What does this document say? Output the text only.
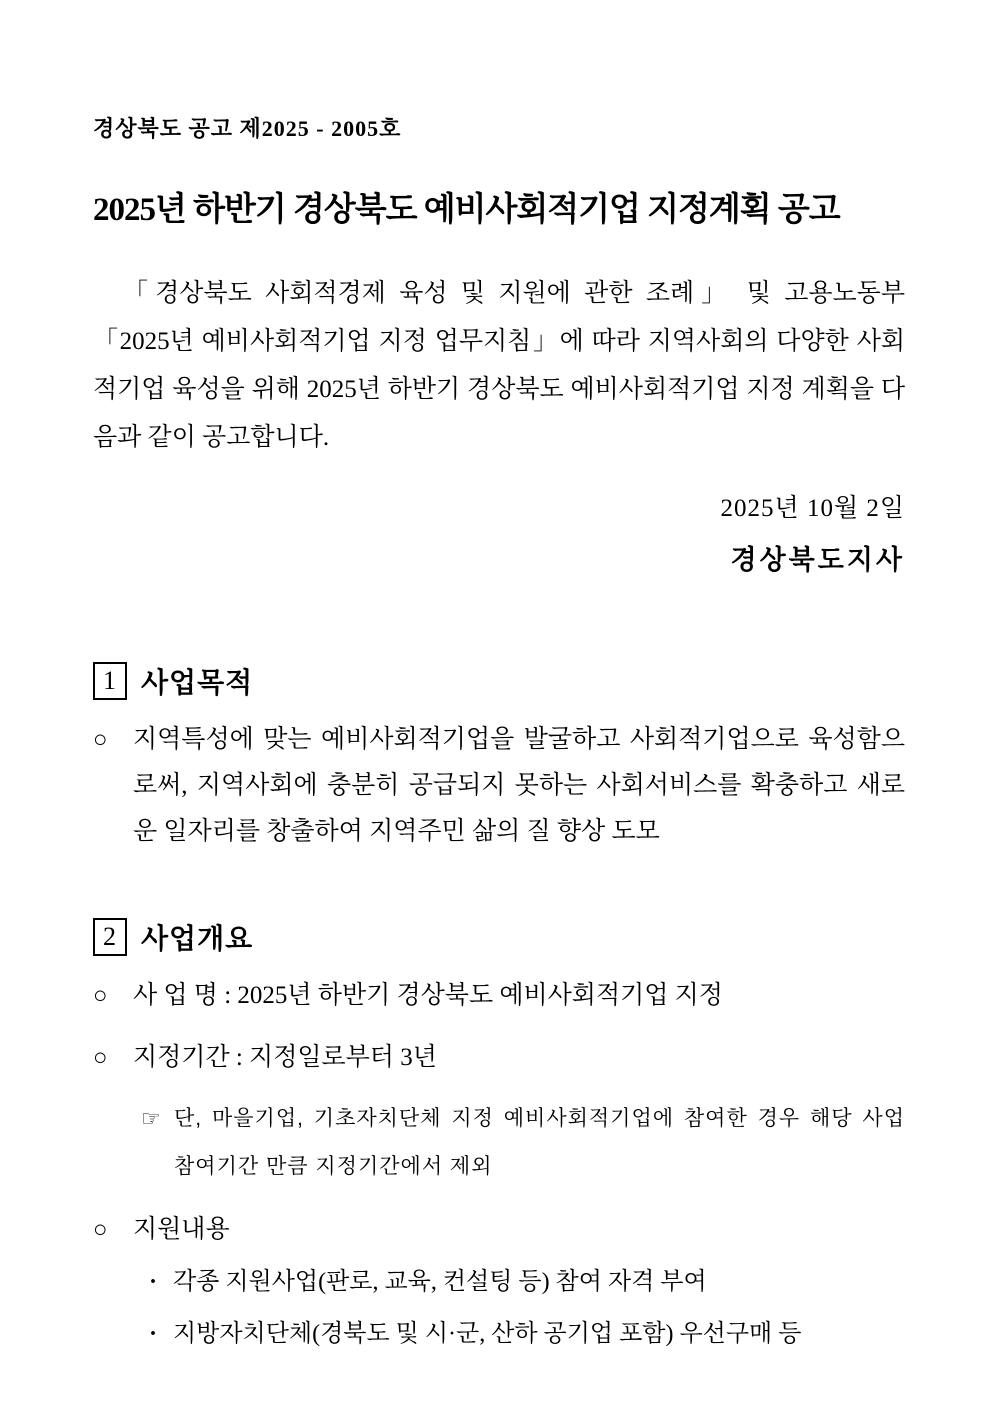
경상북도 공고 제2025 - 2005호
2025년 하반기 경상북도 예비사회적기업 지정계획 공고

「경상북도 사회적경제 육성 및 지원에 관한 조례」 및 고용노동부 「2025년 예비사회적기업 지정 업무지침」에 따라 지역사회의 다양한 사회적기업 육성을 위해 2025년 하반기 경상북도 예비사회적기업 지정 계획을 다음과 같이 공고합니다.

2025년 10월 2일
경상북도지사
1 사업목적
○	지역특성에 맞는 예비사회적기업을 발굴하고 사회적기업으로 육성함으로써, 지역사회에 충분히 공급되지 못하는 사회서비스를 확충하고 새로운 일자리를 창출하여 지역주민 삶의 질 향상 도모
2 사업개요
○	사 업 명 : 2025년 하반기 경상북도 예비사회적기업 지정
○	지정기간 : 지정일로부터 3년
☞ 단, 마을기업, 기초자치단체 지정 예비사회적기업에 참여한 경우 해당 사업 참여기간 만큼 지정기간에서 제외
○	지원내용
· 각종 지원사업(판로, 교육, 컨설팅 등) 참여 자격 부여
· 지방자치단체(경북도 및 시·군, 산하 공기업 포함) 우선구매 등
